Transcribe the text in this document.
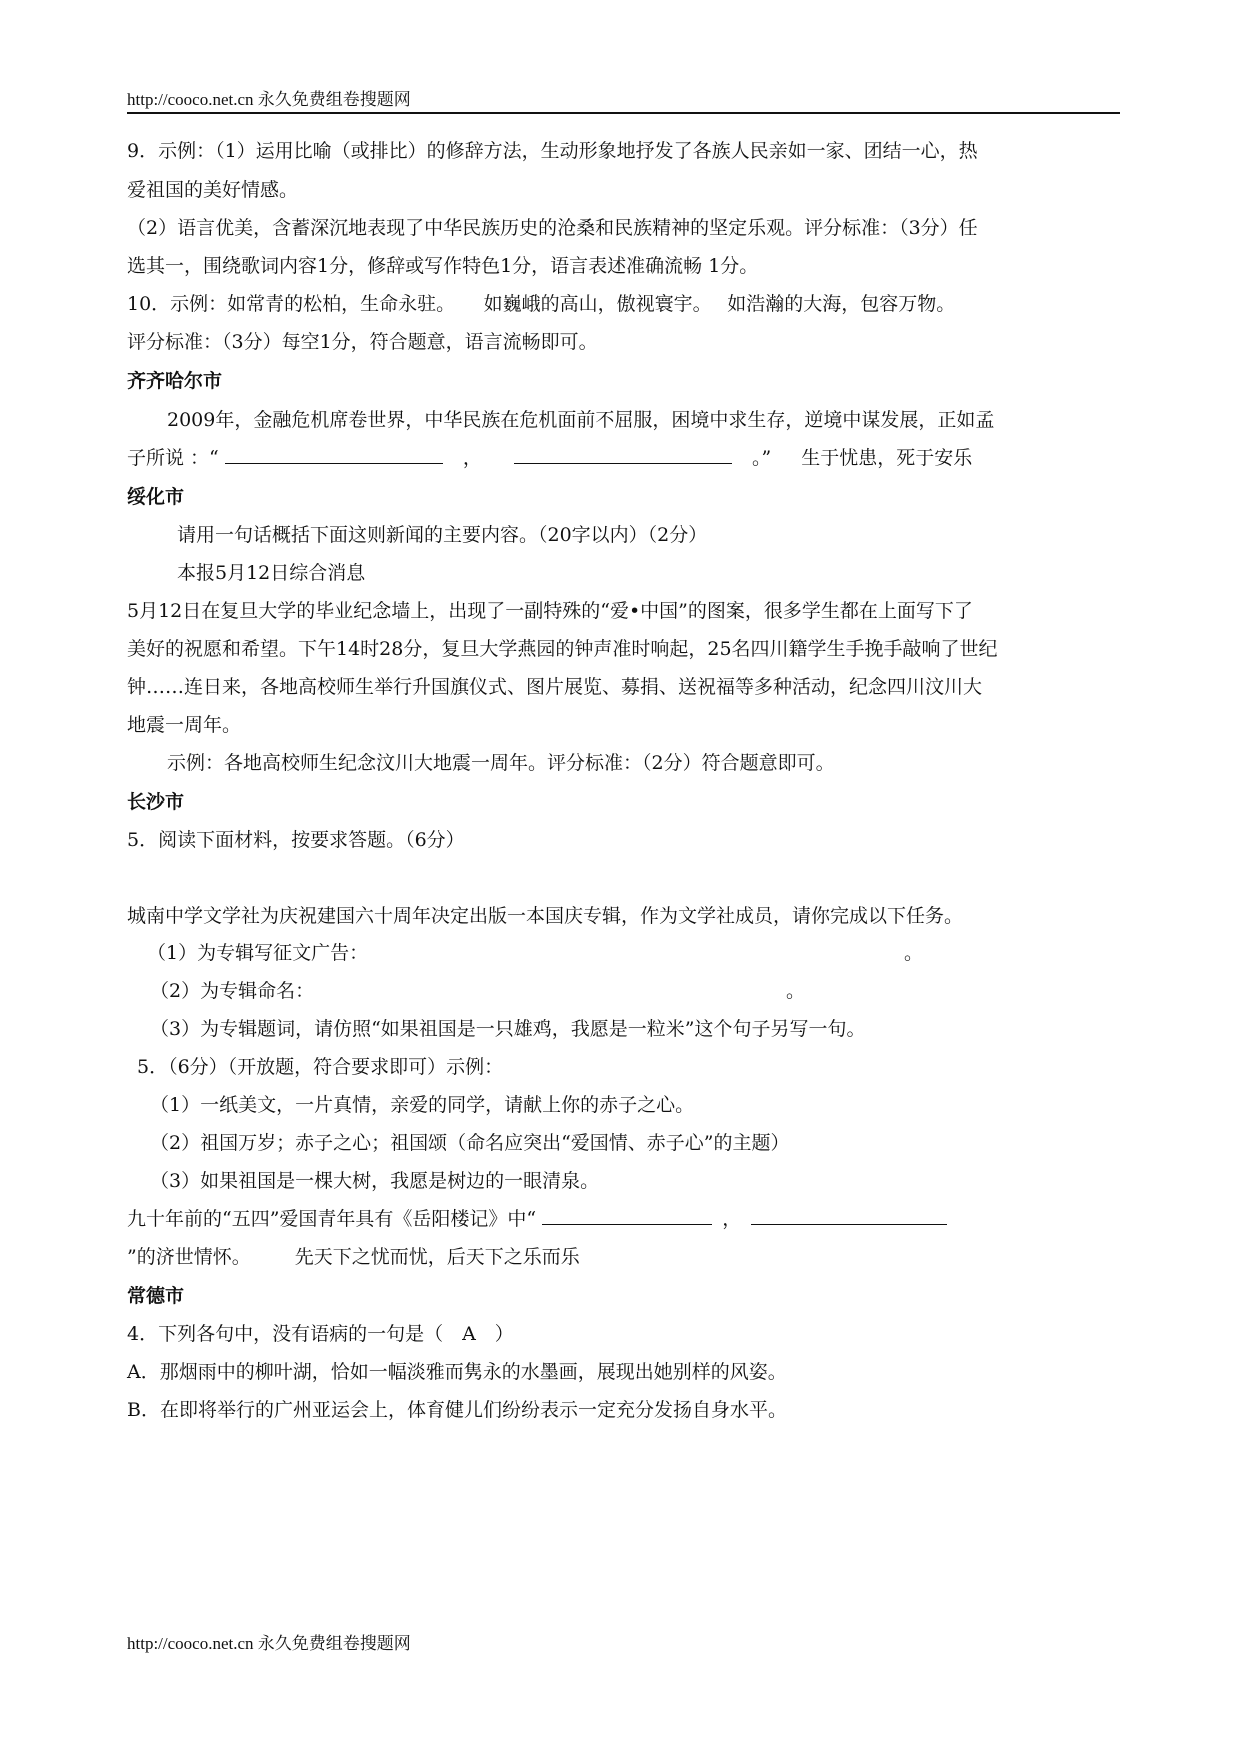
http://cooco.net.cn 永久免费组卷搜题网
9．示例：（1）运用比喻（或排比）的修辞方法，生动形象地抒发了各族人民亲如一家、团结一心，热
爱祖国的美好情感。
（2）语言优美，含蓄深沉地表现了中华民族历史的沧桑和民族精神的坚定乐观。评分标准：（3分）任
选其一，围绕歌词内容1分，修辞或写作特色1分，语言表述准确流畅 1分。
10．示例：如常青的松柏，生命永驻。　　如巍峨的高山，傲视寰宇。　 如浩瀚的大海，包容万物。
评分标准：（3分）每空1分，符合题意，语言流畅即可。
齐齐哈尔市
2009年，金融危机席卷世界，中华民族在危机面前不屈服，困境中求生存，逆境中谋发展，正如孟
子所说 ：“	，	。” 生于忧患，死于安乐
绥化市
请用一句话概括下面这则新闻的主要内容。（20字以内）（2分）
本报5月12日综合消息
5月12日在复旦大学的毕业纪念墙上，出现了一副特殊的“爱•中国”的图案，很多学生都在上面写下了
美好的祝愿和希望。下午14时28分，复旦大学燕园的钟声准时响起，25名四川籍学生手挽手敲响了世纪
钟……连日来，各地高校师生举行升国旗仪式、图片展览、募捐、送祝福等多种活动，纪念四川汶川大
地震一周年。
示例：各地高校师生纪念汶川大地震一周年。评分标准：（2分）符合题意即可。
长沙市
5．阅读下面材料，按要求答题。（6分）
城南中学文学社为庆祝建国六十周年决定出版一本国庆专辑，作为文学社成员，请你完成以下任务。
（1）为专辑写征文广告：	。
（2）为专辑命名：	。
（3）为专辑题词，请仿照“如果祖国是一只雄鸡，我愿是一粒米”这个句子另写一句。
5．（6分）（开放题，符合要求即可）示例：
（1）一纸美文，一片真情，亲爱的同学，请献上你的赤子之心。
（2）祖国万岁；赤子之心；祖国颂（命名应突出“爱国情、赤子心”的主题）
（3）如果祖国是一棵大树，我愿是树边的一眼清泉。
九十年前的“五四”爱国青年具有《岳阳楼记》中“	，
”的济世情怀。 先天下之忧而忧，后天下之乐而乐
常德市
4．下列各句中，没有语病的一句是（　A　）
A．那烟雨中的柳叶湖，恰如一幅淡雅而隽永的水墨画，展现出她别样的风姿。
B．在即将举行的广州亚运会上，体育健儿们纷纷表示一定充分发扬自身水平。
http://cooco.net.cn 永久免费组卷搜题网
